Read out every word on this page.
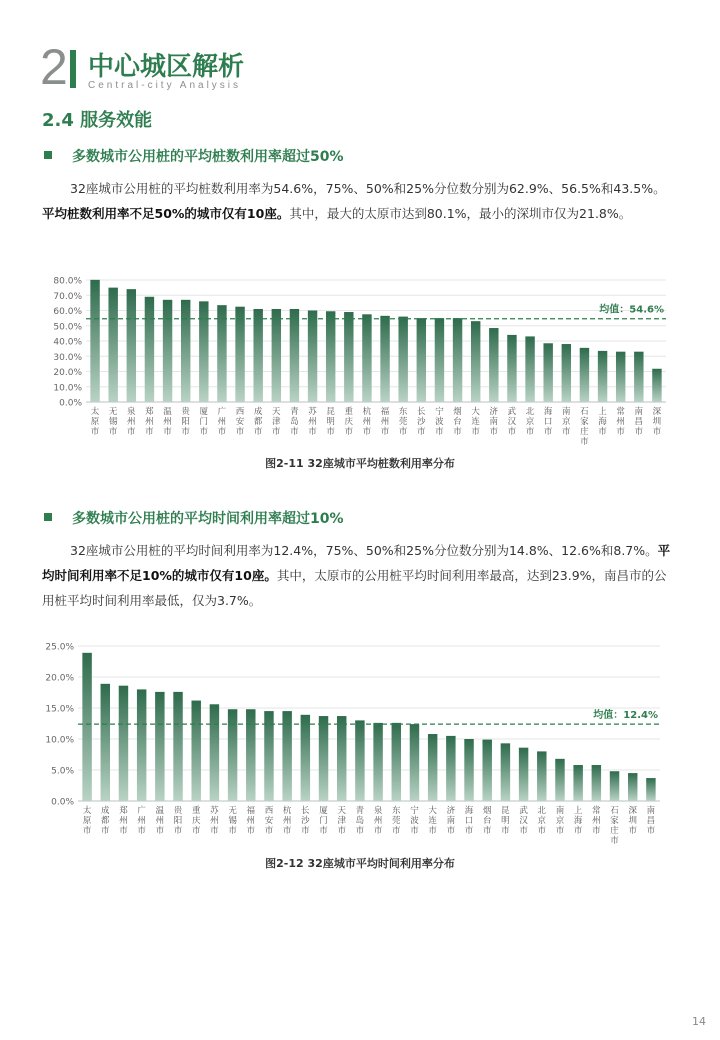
2 中心城区解析
Central-city Analysis
2.4 服务效能
多数城市公用桩的平均桩数利用率超过50%
32座城市公用桩的平均桩数利用率为54.6%，75%、50%和25%分位数分别为62.9%、56.5%和43.5%。平均桩数利用率不足50%的城市仅有10座。其中，最大的太原市达到80.1%，最小的深圳市仅为21.8%。
0.0%
10.0%
20.0%
30.0%
40.0%
50.0%
60.0%
70.0%
80.0%
太原市
无锡市
泉州市
郑州市
温州市
贵阳市
厦门市
广州市
西安市
成都市
天津市
青岛市
苏州市
昆明市
重庆市
杭州市
福州市
东莞市
长沙市
宁波市
烟台市
大连市
济南市
武汉市
北京市
海口市
南京市
石家庄市
上海市
常州市
南昌市
深圳市
均值：54.6%
图2-11 32座城市平均桩数利用率分布
多数城市公用桩的平均时间利用率超过10%
32座城市公用桩的平均时间利用率为12.4%，75%、50%和25%分位数分别为14.8%、12.6%和8.7%。平均时间利用率不足10%的城市仅有10座。其中，太原市的公用桩平均时间利用率最高，达到23.9%，南昌市的公用桩平均时间利用率最低，仅为3.7%。
0.0%
5.0%
10.0%
15.0%
20.0%
25.0%
太原市
成都市
郑州市
广州市
温州市
贵阳市
重庆市
苏州市
无锡市
福州市
西安市
杭州市
长沙市
厦门市
天津市
青岛市
泉州市
东莞市
宁波市
大连市
济南市
海口市
烟台市
昆明市
武汉市
北京市
南京市
上海市
常州市
石家庄市
深圳市
南昌市
均值：12.4%
图2-12 32座城市平均时间利用率分布
14
